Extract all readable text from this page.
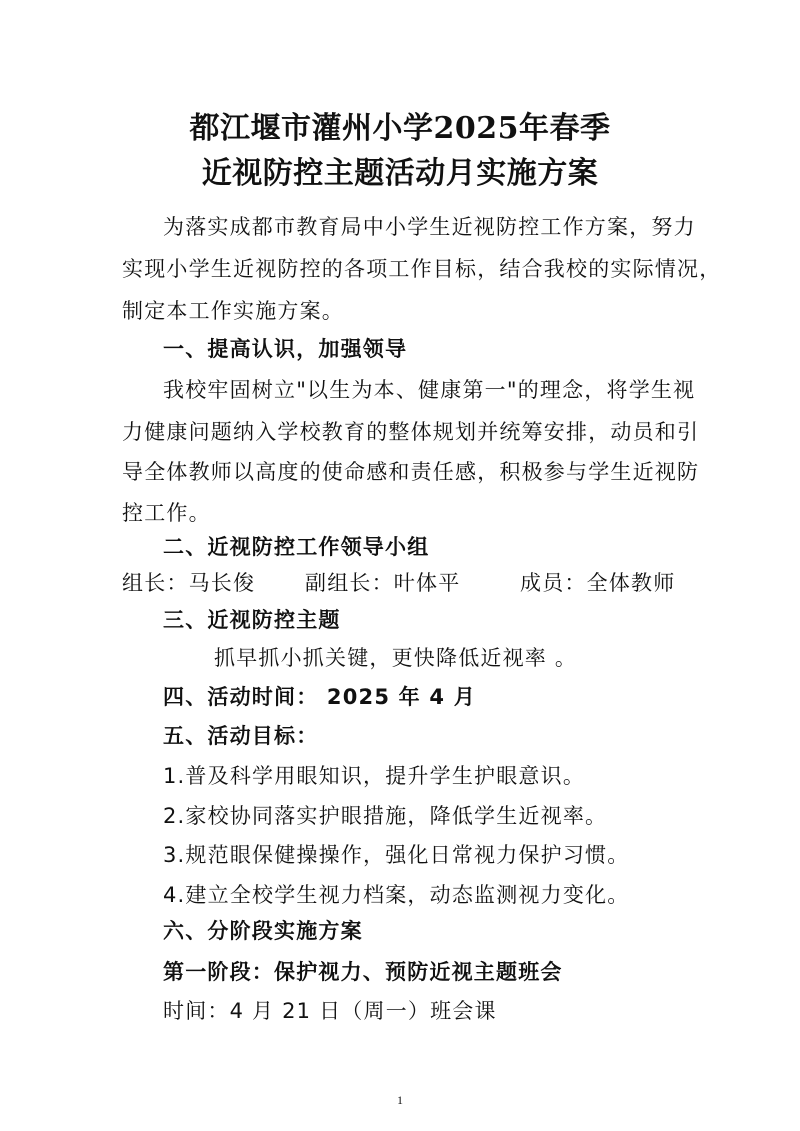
都江堰市灌州小学2025年春季
近视防控主题活动月实施方案
为落实成都市教育局中小学生近视防控工作方案，努力
实现小学生近视防控的各项工作目标，结合我校的实际情况，
制定本工作实施方案。
一、提高认识，加强领导
我校牢固树立"以生为本、健康第一"的理念，将学生视
力健康问题纳入学校教育的整体规划并统筹安排，动员和引
导全体教师以高度的使命感和责任感，积极参与学生近视防
控工作。
二、近视防控工作领导小组
组长：马长俊 副组长：叶体平	成员：全体教师
三、近视防控主题
抓早抓小抓关键，更快降低近视率 。
四、活动时间： 2025 年 4 月
五、活动目标：
1.普及科学用眼知识，提升学生护眼意识。
2.家校协同落实护眼措施，降低学生近视率。
3.规范眼保健操操作，强化日常视力保护习惯。
4.建立全校学生视力档案，动态监测视力变化。
六、分阶段实施方案
第一阶段：保护视力、预防近视主题班会
时间：4 月 21 日（周一）班会课
1
